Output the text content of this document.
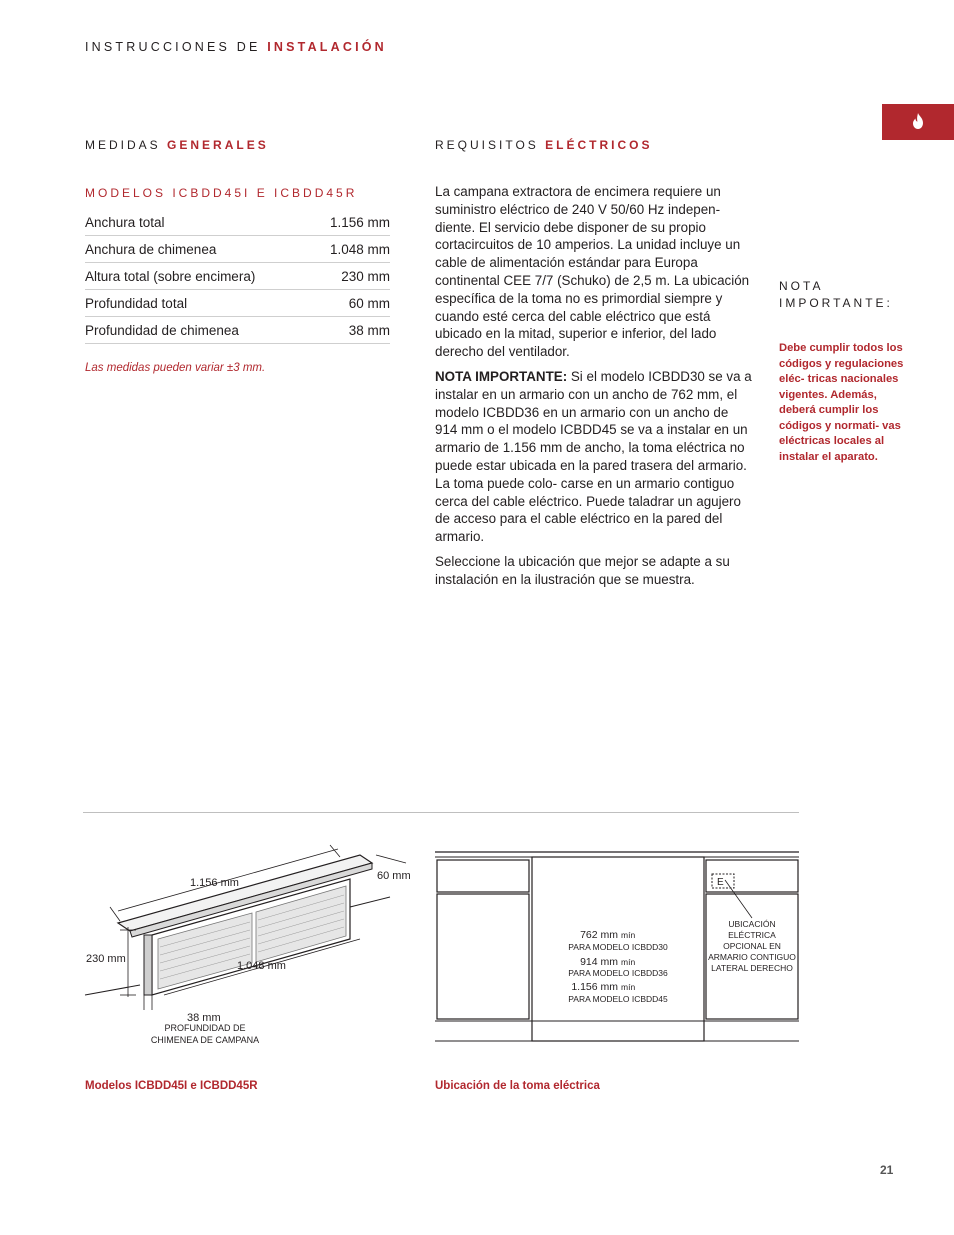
INSTRUCCIONES DE INSTALACIÓN
MEDIDAS GENERALES
MODELOS ICBDD45I E ICBDD45R
Anchura total	1.156 mm
Anchura de chimenea	1.048 mm
Altura total (sobre encimera)	230 mm
Profundidad total	60 mm
Profundidad de chimenea	38 mm
Las medidas pueden variar ±3 mm.
REQUISITOS ELÉCTRICOS

La campana extractora de encimera requiere un suministro eléctrico de 240 V 50/60 Hz indepen- diente. El servicio debe disponer de su propio cortacircuitos de 10 amperios. La unidad incluye un cable de alimentación estándar para Europa continental CEE 7/7 (Schuko) de 2,5 m. La ubicación específica de la toma no es primordial siempre y cuando esté cerca del cable eléctrico que está ubicado en la mitad, superior e inferior, del lado derecho del ventilador.

NOTA IMPORTANTE: Si el modelo ICBDD30 se va a instalar en un armario con un ancho de 762 mm, el modelo ICBDD36 en un armario con un ancho de 914 mm o el modelo ICBDD45 se va a instalar en un armario de 1.156 mm de ancho, la toma eléctrica no puede estar ubicada en la pared trasera del armario. La toma puede colo- carse en un armario contiguo cerca del cable eléctrico. Puede taladrar un agujero de acceso para el cable eléctrico en la pared del armario.

Seleccione la ubicación que mejor se adapte a su instalación en la ilustración que se muestra.

NOTA
IMPORTANTE:
Debe cumplir todos los códigos y regulaciones eléc- tricas nacionales vigentes. Además, deberá cumplir los códigos y normati- vas eléctricas locales al instalar el aparato.
1.156 mm
60 mm
230 mm
1.048 mm
38 mm
PROFUNDIDAD DE
CHIMENEA DE CAMPANA
Modelos ICBDD45I e ICBDD45R
E
762 mm mín
PARA MODELO ICBDD30
914 mm mín
PARA MODELO ICBDD36
1.156 mm mín
PARA MODELO ICBDD45
UBICACIÓN
ELÉCTRICA
OPCIONAL EN
ARMARIO CONTIGUO
LATERAL DERECHO
Ubicación de la toma eléctrica
21
